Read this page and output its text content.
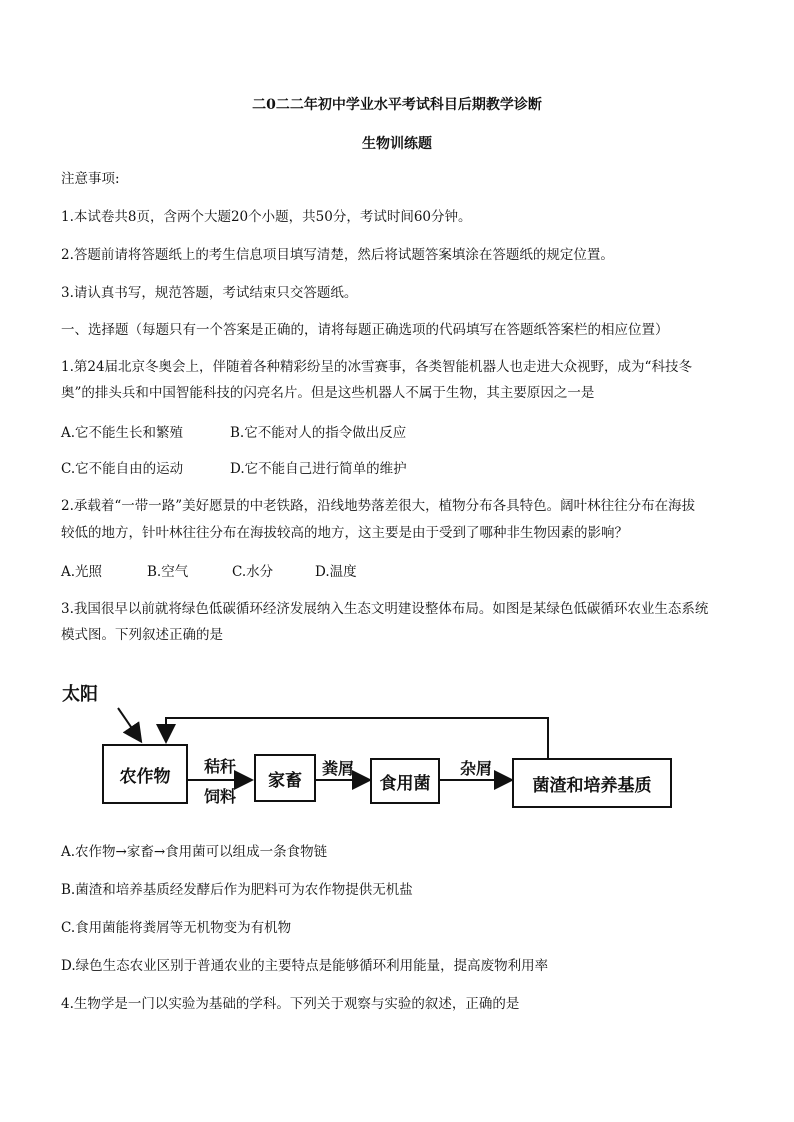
二0二二年初中学业水平考试科目后期教学诊断
生物训练题
注意事项:
1.本试卷共8页，含两个大题20个小题，共50分，考试时间60分钟。
2.答题前请将答题纸上的考生信息项目填写清楚，然后将试题答案填涂在答题纸的规定位置。
3.请认真书写，规范答题，考试结束只交答题纸。
一、选择题（每题只有一个答案是正确的，请将每题正确选项的代码填写在答题纸答案栏的相应位置）
1.第24届北京冬奥会上，伴随着各种精彩纷呈的冰雪赛事，各类智能机器人也走进大众视野，成为“科技冬
奥”的排头兵和中国智能科技的闪亮名片。但是这些机器人不属于生物，其主要原因之一是
A.它不能生长和繁殖	B.它不能对人的指令做出反应
C.它不能自由的运动	D.它不能自己进行简单的维护
2.承载着“一带一路”美好愿景的中老铁路，沿线地势落差很大，植物分布各具特色。阔叶林往往分布在海拔
较低的地方，针叶林往往分布在海拔较高的地方，这主要是由于受到了哪种非生物因素的影响？
A.光照	B.空气	C.水分	D.温度
3.我国很早以前就将绿色低碳循环经济发展纳入生态文明建设整体布局。如图是某绿色低碳循环农业生态系统
模式图。下列叙述正确的是
太阳
农作物	秸秆
饲料
家畜
粪屑
食用菌
杂屑
菌渣和培养基质
A.农作物→家畜→食用菌可以组成一条食物链
B.菌渣和培养基质经发酵后作为肥料可为农作物提供无机盐
C.食用菌能将粪屑等无机物变为有机物
D.绿色生态农业区别于普通农业的主要特点是能够循环利用能量，提高废物利用率
4.生物学是一门以实验为基础的学科。下列关于观察与实验的叙述，正确的是
